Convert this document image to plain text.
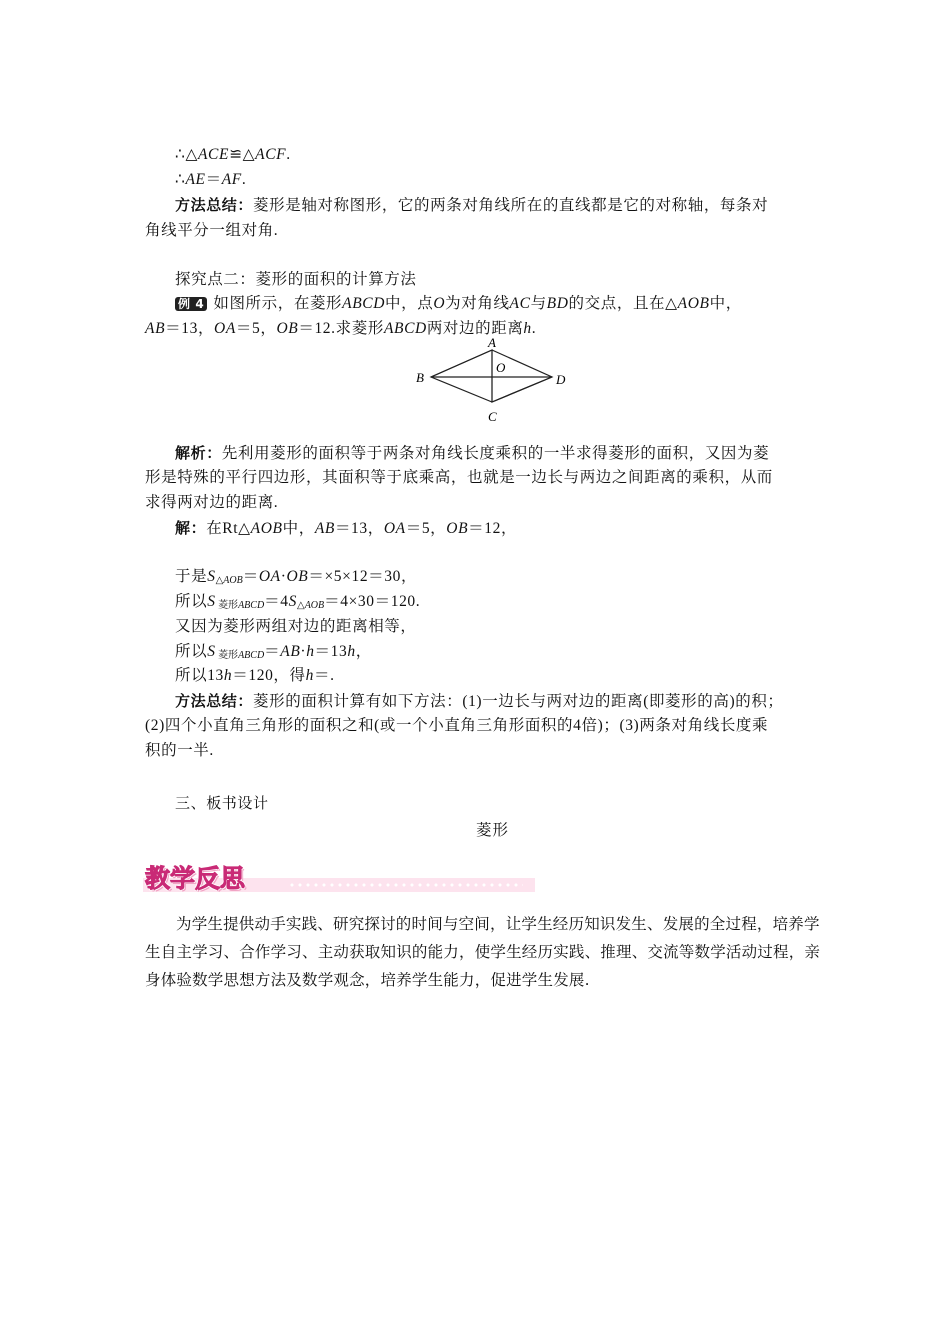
∴△ACE≌△ACF.
∴AE＝AF.
方法总结：菱形是轴对称图形，它的两条对角线所在的直线都是它的对称轴，每条对
角线平分一组对角.
探究点二：菱形的面积的计算方法
例 4 如图所示，在菱形ABCD中，点O为对角线AC与BD的交点，且在△AOB中，
AB＝13，OA＝5，OB＝12.求菱形ABCD两对边的距离h.
A
B	D
C
O
解析：先利用菱形的面积等于两条对角线长度乘积的一半求得菱形的面积，又因为菱
形是特殊的平行四边形，其面积等于底乘高，也就是一边长与两边之间距离的乘积，从而
求得两对边的距离.
解：在Rt△AOB中，AB＝13，OA＝5，OB＝12，
于是$S_{\triangle AOB}=OA\cdot OB=\times 5\times 12=30$，
所以S $_{菱形ABCD}=4S_{\triangle AOB}=4\times 30=120$.
又因为菱形两组对边的距离相等，
所以S $_{菱形ABCD}$＝AB·h＝13h，
所以13h＝120，得h＝.
方法总结：菱形的面积计算有如下方法：(1)一边长与两对边的距离(即菱形的高)的积；
(2)四个小直角三角形的面积之和(或一个小直角三角形面积的4倍)；(3)两条对角线长度乘
积的一半.
三、板书设计
菱形
教学反思
为学生提供动手实践、研究探讨的时间与空间，让学生经历知识发生、发展的全过程，培养学生自主学习、合作学习、主动获取知识的能力，使学生经历实践、推理、交流等数学活动过程，亲身体验数学思想方法及数学观念，培养学生能力，促进学生发展.
